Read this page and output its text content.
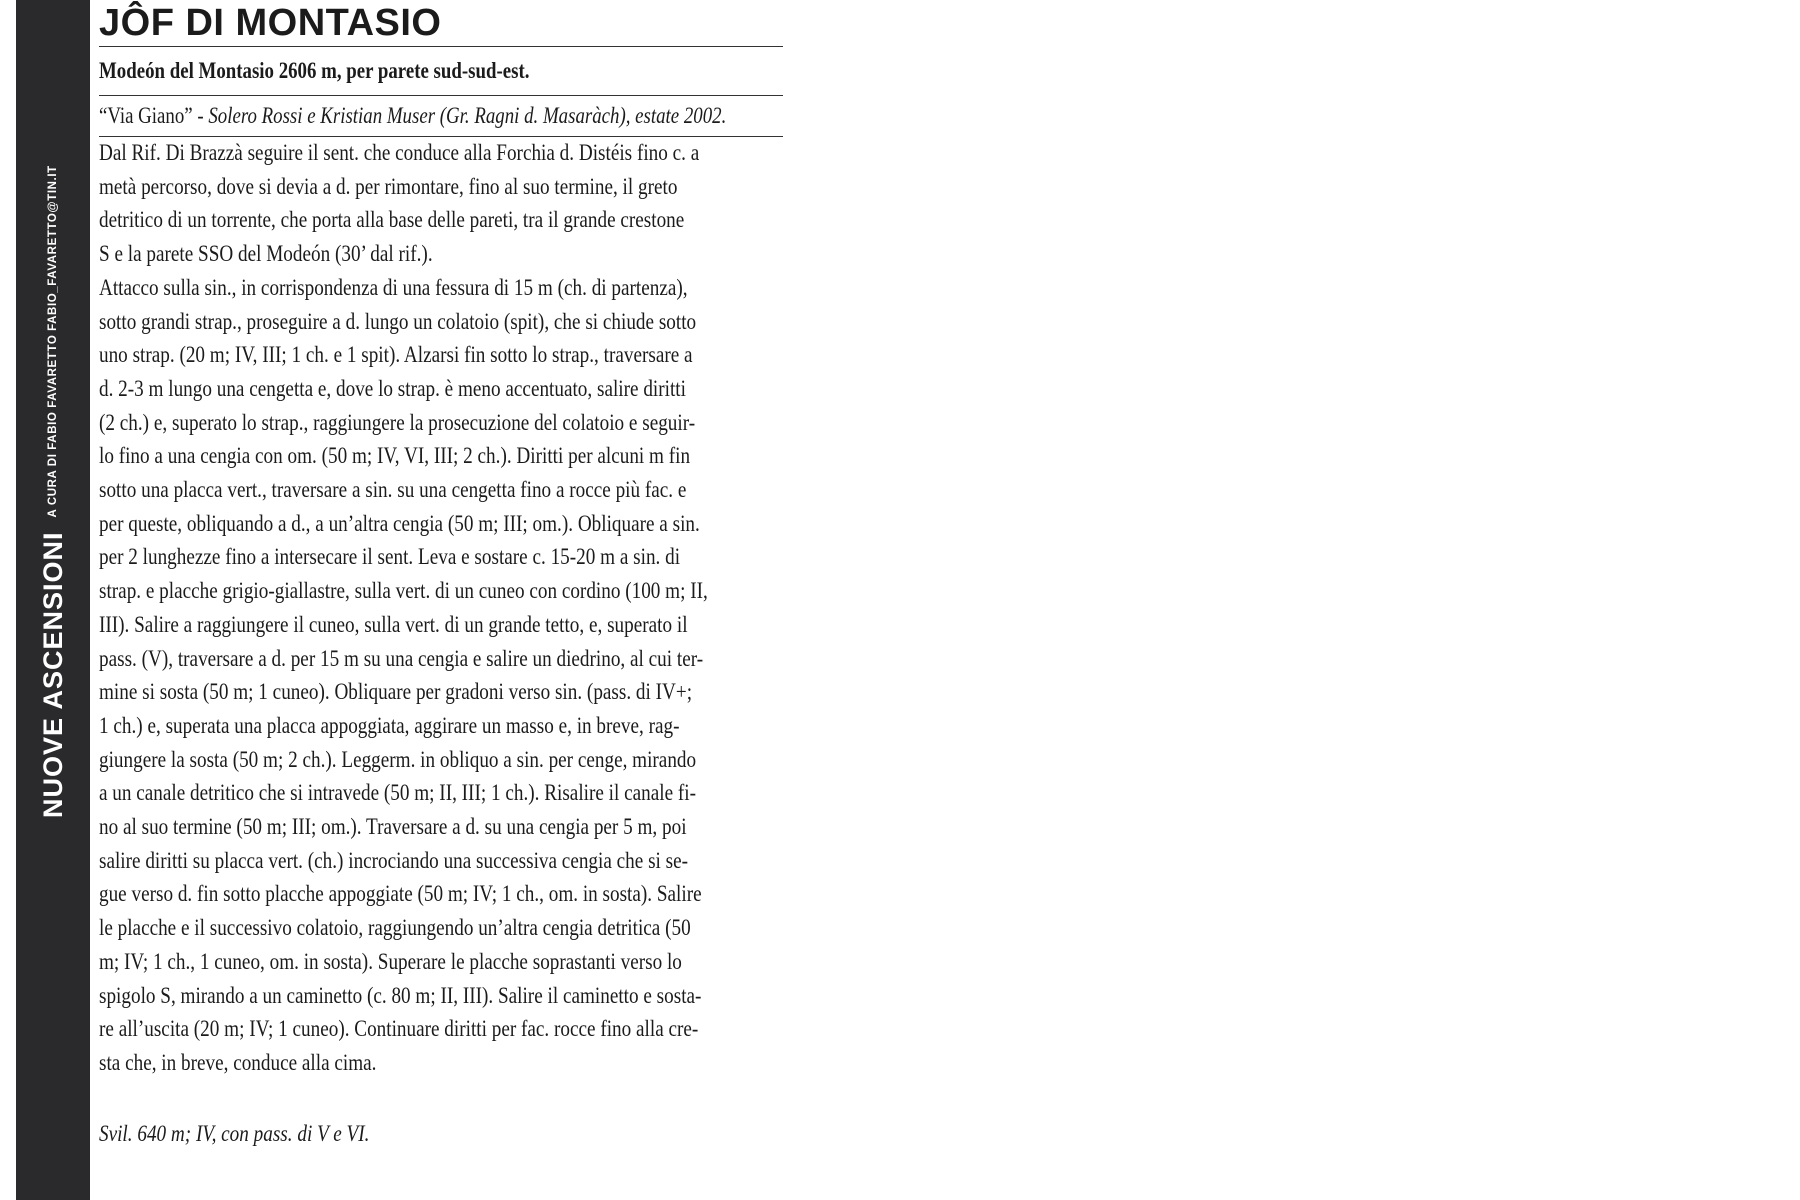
NUOVE ASCENSIONI
A CURA DI FABIO FAVARETTO FABIO_FAVARETTO@TIN.IT
JÔF DI MONTASIO
Modeón del Montasio 2606 m, per parete sud-sud-est.
“Via Giano” - Solero Rossi e Kristian Muser (Gr. Ragni d. Masaràch), estate 2002.
Dal Rif. Di Brazzà seguire il sent. che conduce alla Forchia d. Distéis fino c. a
metà percorso, dove si devia a d. per rimontare, fino al suo termine, il greto
detritico di un torrente, che porta alla base delle pareti, tra il grande crestone
S e la parete SSO del Modeón (30’ dal rif.).
Attacco sulla sin., in corrispondenza di una fessura di 15 m (ch. di partenza),
sotto grandi strap., proseguire a d. lungo un colatoio (spit), che si chiude sotto
uno strap. (20 m; IV, III; 1 ch. e 1 spit). Alzarsi fin sotto lo strap., traversare a
d. 2-3 m lungo una cengetta e, dove lo strap. è meno accentuato, salire diritti
(2 ch.) e, superato lo strap., raggiungere la prosecuzione del colatoio e seguir-
lo fino a una cengia con om. (50 m; IV, VI, III; 2 ch.). Diritti per alcuni m fin
sotto una placca vert., traversare a sin. su una cengetta fino a rocce più fac. e
per queste, obliquando a d., a un’altra cengia (50 m; III; om.). Obliquare a sin.
per 2 lunghezze fino a intersecare il sent. Leva e sostare c. 15-20 m a sin. di
strap. e placche grigio-giallastre, sulla vert. di un cuneo con cordino (100 m; II,
III). Salire a raggiungere il cuneo, sulla vert. di un grande tetto, e, superato il
pass. (V), traversare a d. per 15 m su una cengia e salire un diedrino, al cui ter-
mine si sosta (50 m; 1 cuneo). Obliquare per gradoni verso sin. (pass. di IV+;
1 ch.) e, superata una placca appoggiata, aggirare un masso e, in breve, rag-
giungere la sosta (50 m; 2 ch.). Leggerm. in obliquo a sin. per cenge, mirando
a un canale detritico che si intravede (50 m; II, III; 1 ch.). Risalire il canale fi-
no al suo termine (50 m; III; om.). Traversare a d. su una cengia per 5 m, poi
salire diritti su placca vert. (ch.) incrociando una successiva cengia che si se-
gue verso d. fin sotto placche appoggiate (50 m; IV; 1 ch., om. in sosta). Salire
le placche e il successivo colatoio, raggiungendo un’altra cengia detritica (50
m; IV; 1 ch., 1 cuneo, om. in sosta). Superare le placche soprastanti verso lo
spigolo S, mirando a un caminetto (c. 80 m; II, III). Salire il caminetto e sosta-
re all’uscita (20 m; IV; 1 cuneo). Continuare diritti per fac. rocce fino alla cre-
sta che, in breve, conduce alla cima.
Svil. 640 m; IV, con pass. di V e VI.
